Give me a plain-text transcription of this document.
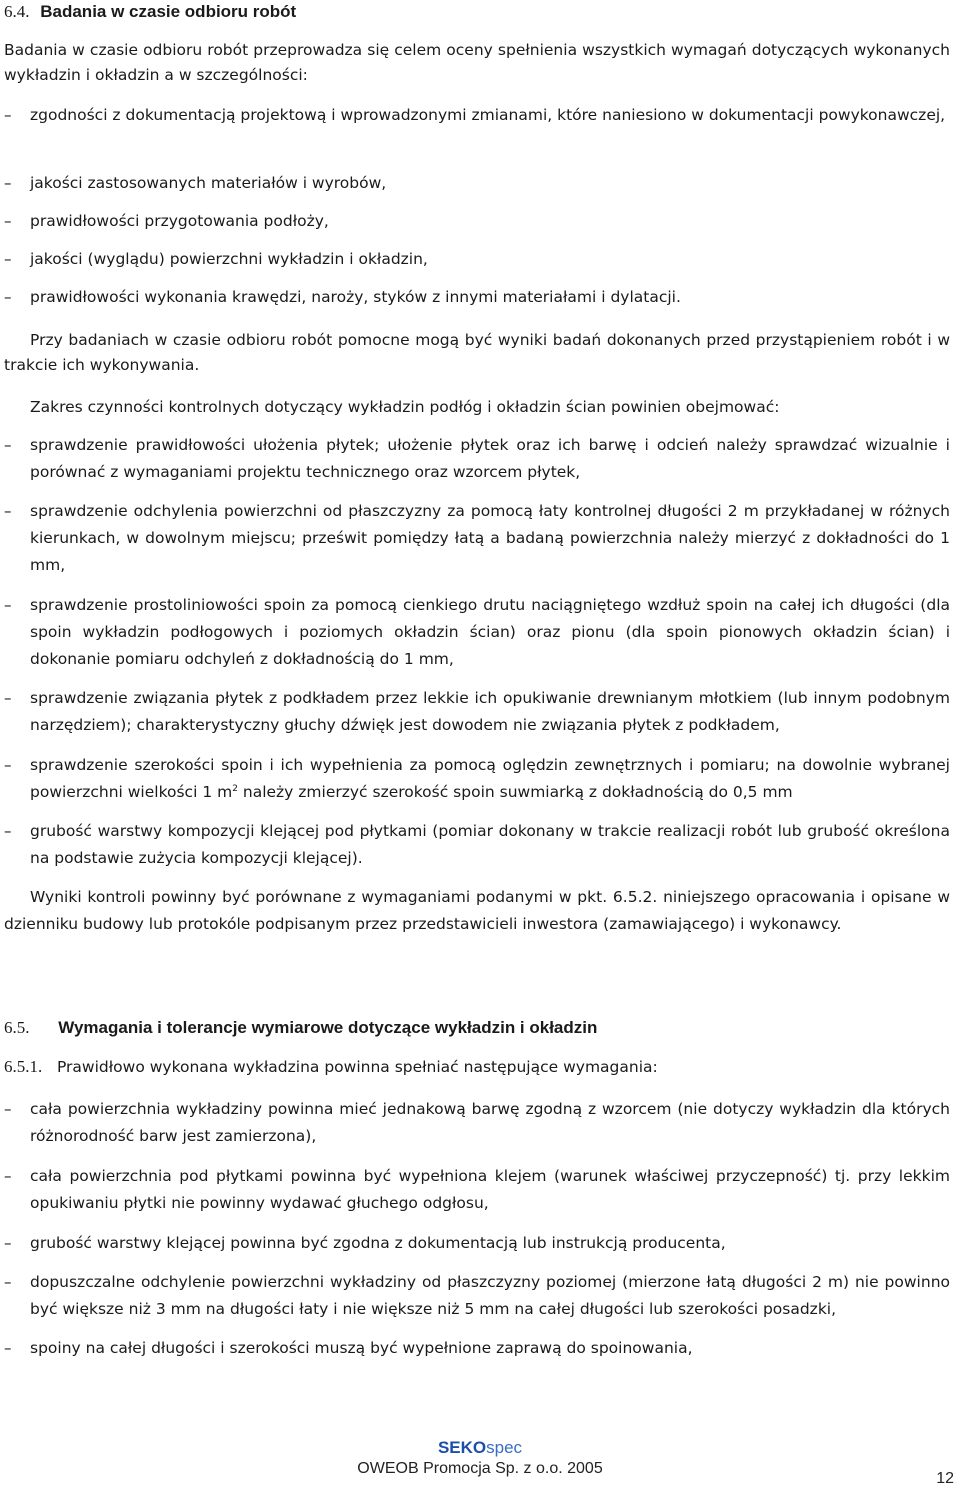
6.4. Badania w czasie odbioru robót
Badania w czasie odbioru robót przeprowadza się celem oceny spełnienia wszystkich wymagań dotyczących wykonanych wykładzin i okładzin a w szczególności:
– zgodności z dokumentacją projektową i wprowadzonymi zmianami, które naniesiono w dokumentacji powykonawczej,
– jakości zastosowanych materiałów i wyrobów,
– prawidłowości przygotowania podłoży,
– jakości (wyglądu) powierzchni wykładzin i okładzin,
– prawidłowości wykonania krawędzi, naroży, styków z innymi materiałami i dylatacji.
Przy badaniach w czasie odbioru robót pomocne mogą być wyniki badań dokonanych przed przystąpieniem robót i w trakcie ich wykonywania.
Zakres czynności kontrolnych dotyczący wykładzin podłóg i okładzin ścian powinien obejmować:
– sprawdzenie prawidłowości ułożenia płytek; ułożenie płytek oraz ich barwę i odcień należy sprawdzać wizualnie i porównać z wymaganiami projektu technicznego oraz wzorcem płytek,
– sprawdzenie odchylenia powierzchni od płaszczyzny za pomocą łaty kontrolnej długości 2 m przykładanej w różnych kierunkach, w dowolnym miejscu; prześwit pomiędzy łatą a badaną powierzchnia należy mierzyć z dokładności do 1 mm,
– sprawdzenie prostoliniowości spoin za pomocą cienkiego drutu naciągniętego wzdłuż spoin na całej ich długości (dla spoin wykładzin podłogowych i poziomych okładzin ścian) oraz pionu (dla spoin pionowych okładzin ścian) i dokonanie pomiaru odchyleń z dokładnością do 1 mm,
– sprawdzenie związania płytek z podkładem przez lekkie ich opukiwanie drewnianym młotkiem (lub innym podobnym narzędziem); charakterystyczny głuchy dźwięk jest dowodem nie związania płytek z podkładem,
– sprawdzenie szerokości spoin i ich wypełnienia za pomocą oględzin zewnętrznych i pomiaru; na dowolnie wybranej powierzchni wielkości 1 $m^2$ należy zmierzyć szerokość spoin suwmiarką z dokładnością do 0,5 mm
– grubość warstwy kompozycji klejącej pod płytkami (pomiar dokonany w trakcie realizacji robót lub grubość określona na podstawie zużycia kompozycji klejącej).
Wyniki kontroli powinny być porównane z wymaganiami podanymi w pkt. 6.5.2. niniejszego opracowania i opisane w dzienniku budowy lub protokóle podpisanym przez przedstawicieli inwestora (zamawiającego) i wykonawcy.
6.5. Wymagania i tolerancje wymiarowe dotyczące wykładzin i okładzin
6.5.1. Prawidłowo wykonana wykładzina powinna spełniać następujące wymagania:
– cała powierzchnia wykładziny powinna mieć jednakową barwę zgodną z wzorcem (nie dotyczy wykładzin dla których różnorodność barw jest zamierzona),
– cała powierzchnia pod płytkami powinna być wypełniona klejem (warunek właściwej przyczepność) tj. przy lekkim opukiwaniu płytki nie powinny wydawać głuchego odgłosu,
– grubość warstwy klejącej powinna być zgodna z dokumentacją lub instrukcją producenta,
– dopuszczalne odchylenie powierzchni wykładziny od płaszczyzny poziomej (mierzone łatą długości 2 m) nie powinno być większe niż 3 mm na długości łaty i nie większe niż 5 mm na całej długości lub szerokości posadzki,
– spoiny na całej długości i szerokości muszą być wypełnione zaprawą do spoinowania,
SEKOspec
OWEOB Promocja Sp. z o.o. 2005
12
